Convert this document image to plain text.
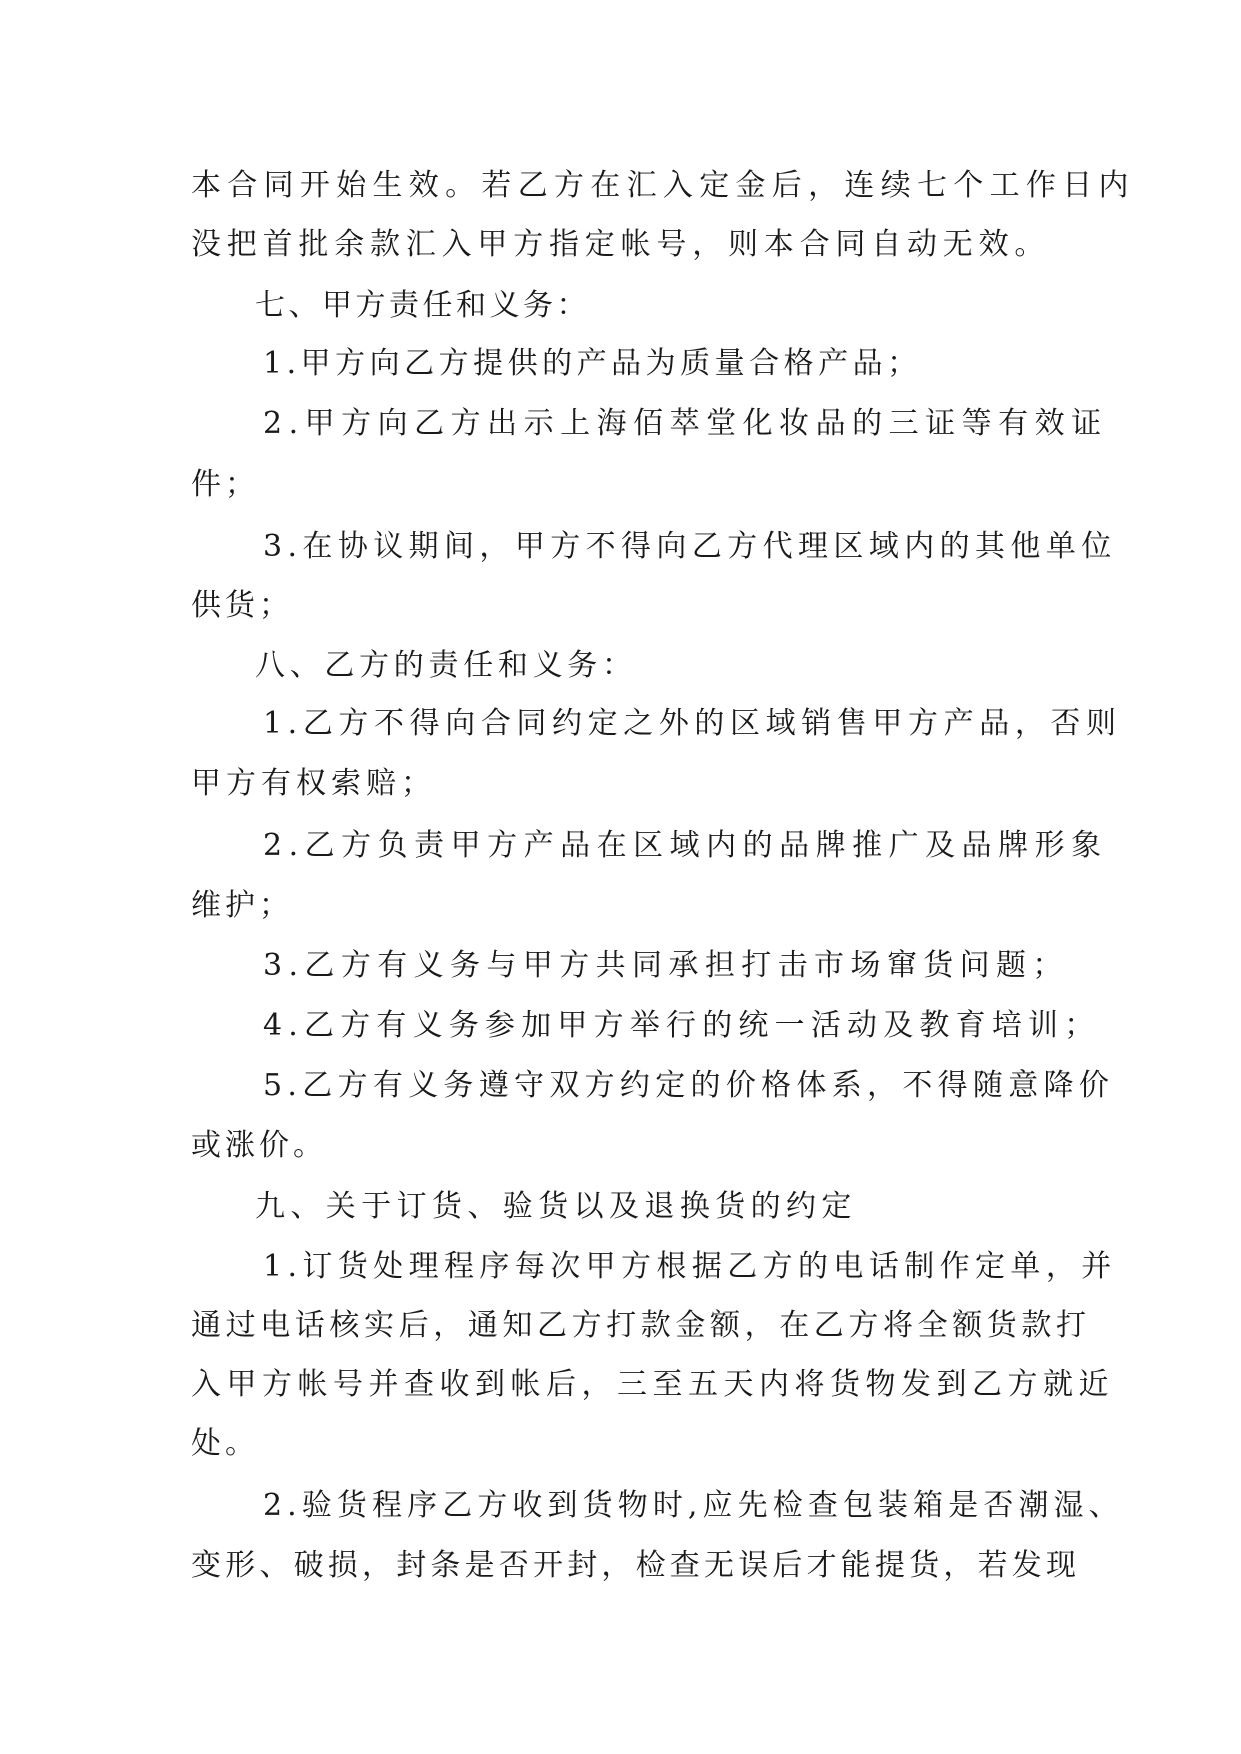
本合同开始生效。若乙方在汇入定金后，连续七个工作日内
没把首批余款汇入甲方指定帐号，则本合同自动无效。
七、甲方责任和义务：
1.甲方向乙方提供的产品为质量合格产品；
2.甲方向乙方出示上海佰萃堂化妆品的三证等有效证
件；
3.在协议期间，甲方不得向乙方代理区域内的其他单位
供货；
八、乙方的责任和义务：
1.乙方不得向合同约定之外的区域销售甲方产品，否则
甲方有权索赔；
2.乙方负责甲方产品在区域内的品牌推广及品牌形象
维护；
3.乙方有义务与甲方共同承担打击市场窜货问题；
4.乙方有义务参加甲方举行的统一活动及教育培训；
5.乙方有义务遵守双方约定的价格体系，不得随意降价
或涨价。
九、关于订货、验货以及退换货的约定
1.订货处理程序每次甲方根据乙方的电话制作定单，并
通过电话核实后，通知乙方打款金额，在乙方将全额货款打
入甲方帐号并查收到帐后，三至五天内将货物发到乙方就近
处。
2.验货程序乙方收到货物时,应先检查包装箱是否潮湿、
变形、破损，封条是否开封，检查无误后才能提货，若发现
